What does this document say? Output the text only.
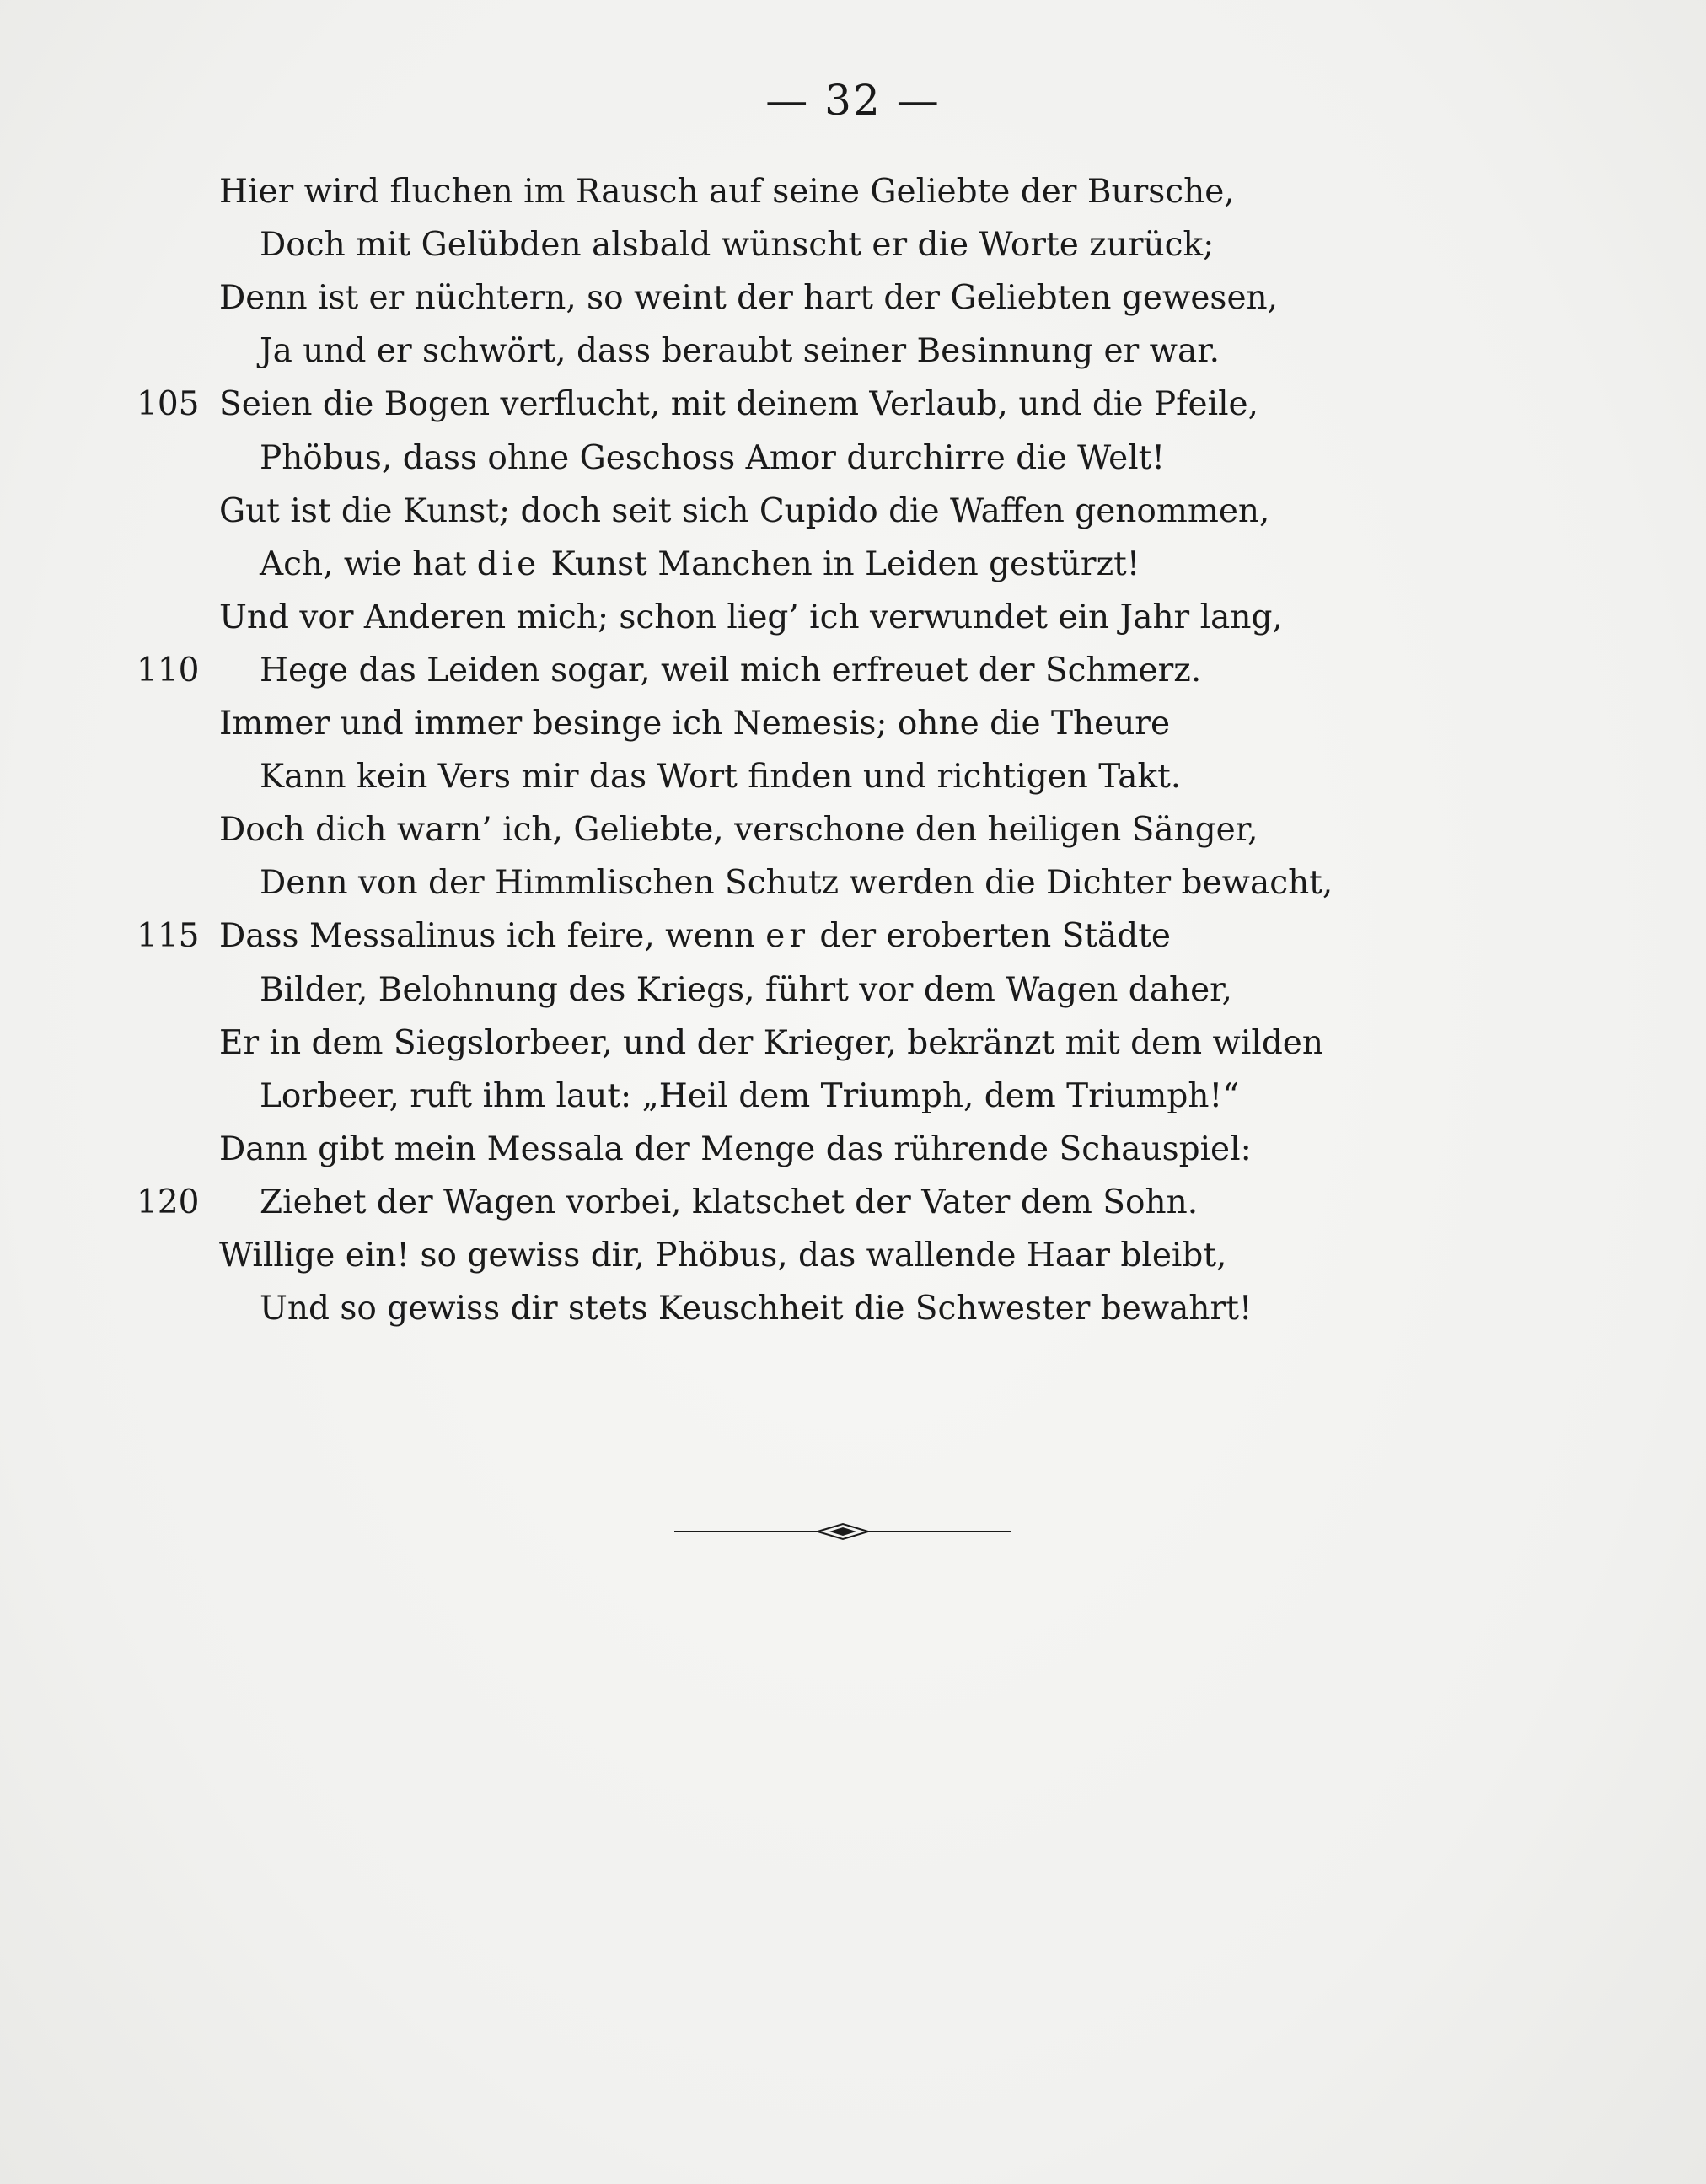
— 32 —
Hier wird fluchen im Rausch auf seine Geliebte der Bursche,
Doch mit Gelübden alsbald wünscht er die Worte zurück;
Denn ist er nüchtern, so weint der hart der Geliebten gewesen,
Ja und er schwört, dass beraubt seiner Besinnung er war.
105 Seien die Bogen verflucht, mit deinem Verlaub, und die Pfeile,
Phöbus, dass ohne Geschoss Amor durchirre die Welt!
Gut ist die Kunst; doch seit sich Cupido die Waffen genommen,
Ach, wie hat die Kunst Manchen in Leiden gestürzt!
Und vor Anderen mich; schon lieg’ ich verwundet ein Jahr lang,
110 Hege das Leiden sogar, weil mich erfreuet der Schmerz.
Immer und immer besinge ich Nemesis; ohne die Theure
Kann kein Vers mir das Wort finden und richtigen Takt.
Doch dich warn’ ich, Geliebte, verschone den heiligen Sänger,
Denn von der Himmlischen Schutz werden die Dichter bewacht,
115 Dass Messalinus ich feire, wenn er der eroberten Städte
Bilder, Belohnung des Kriegs, führt vor dem Wagen daher,
Er in dem Siegslorbeer, und der Krieger, bekränzt mit dem wilden
Lorbeer, ruft ihm laut: „Heil dem Triumph, dem Triumph!“
Dann gibt mein Messala der Menge das rührende Schauspiel:
120 Ziehet der Wagen vorbei, klatschet der Vater dem Sohn.
Willige ein! so gewiss dir, Phöbus, das wallende Haar bleibt,
Und so gewiss dir stets Keuschheit die Schwester bewahrt!
